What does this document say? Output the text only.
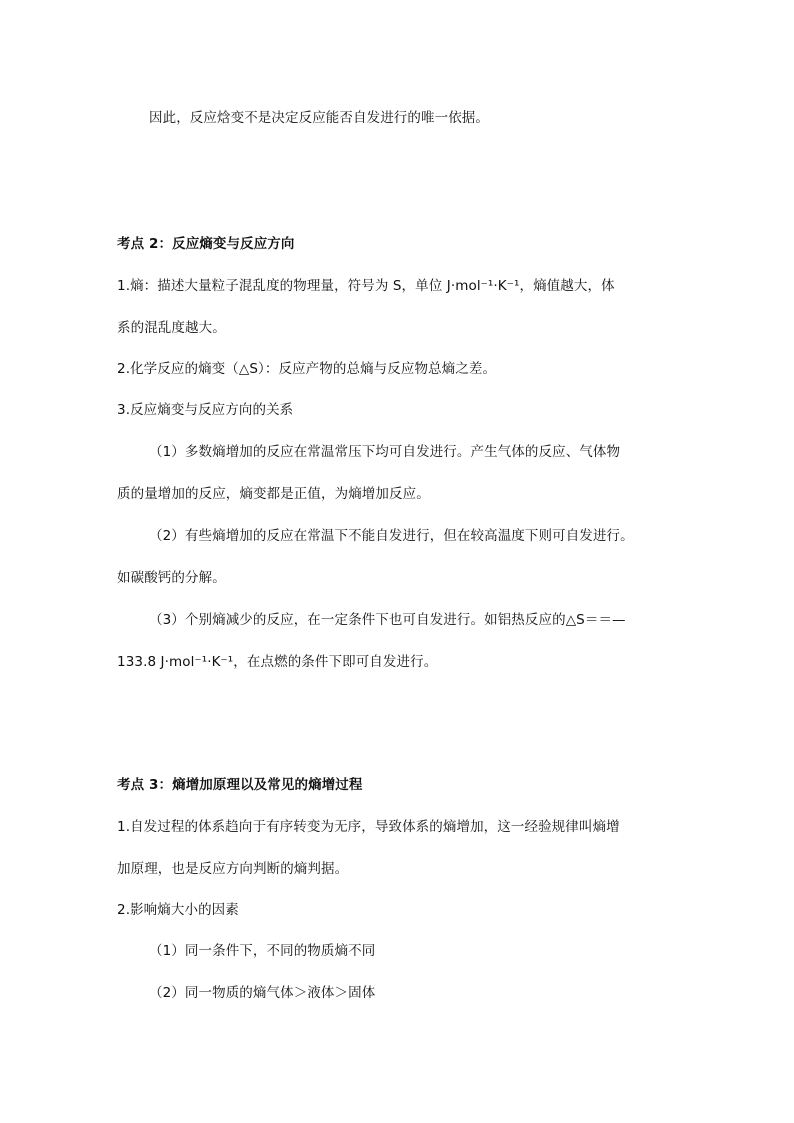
因此，反应焓变不是决定反应能否自发进行的唯一依据。
考点 2：反应熵变与反应方向
1.熵：描述大量粒子混乱度的物理量，符号为 S，单位 J·mol⁻¹·K⁻¹，熵值越大，体
系的混乱度越大。
2.化学反应的熵变（△S）：反应产物的总熵与反应物总熵之差。
3.反应熵变与反应方向的关系
（1）多数熵增加的反应在常温常压下均可自发进行。产生气体的反应、气体物
质的量增加的反应，熵变都是正值，为熵增加反应。
（2）有些熵增加的反应在常温下不能自发进行，但在较高温度下则可自发进行。
如碳酸钙的分解。
（3）个别熵减少的反应，在一定条件下也可自发进行。如铝热反应的△S＝＝—
133.8 J·mol⁻¹·K⁻¹，在点燃的条件下即可自发进行。
考点 3：熵增加原理以及常见的熵增过程
1.自发过程的体系趋向于有序转变为无序，导致体系的熵增加，这一经验规律叫熵增
加原理，也是反应方向判断的熵判据。
2.影响熵大小的因素
（1）同一条件下，不同的物质熵不同
（2）同一物质的熵气体＞液体＞固体
